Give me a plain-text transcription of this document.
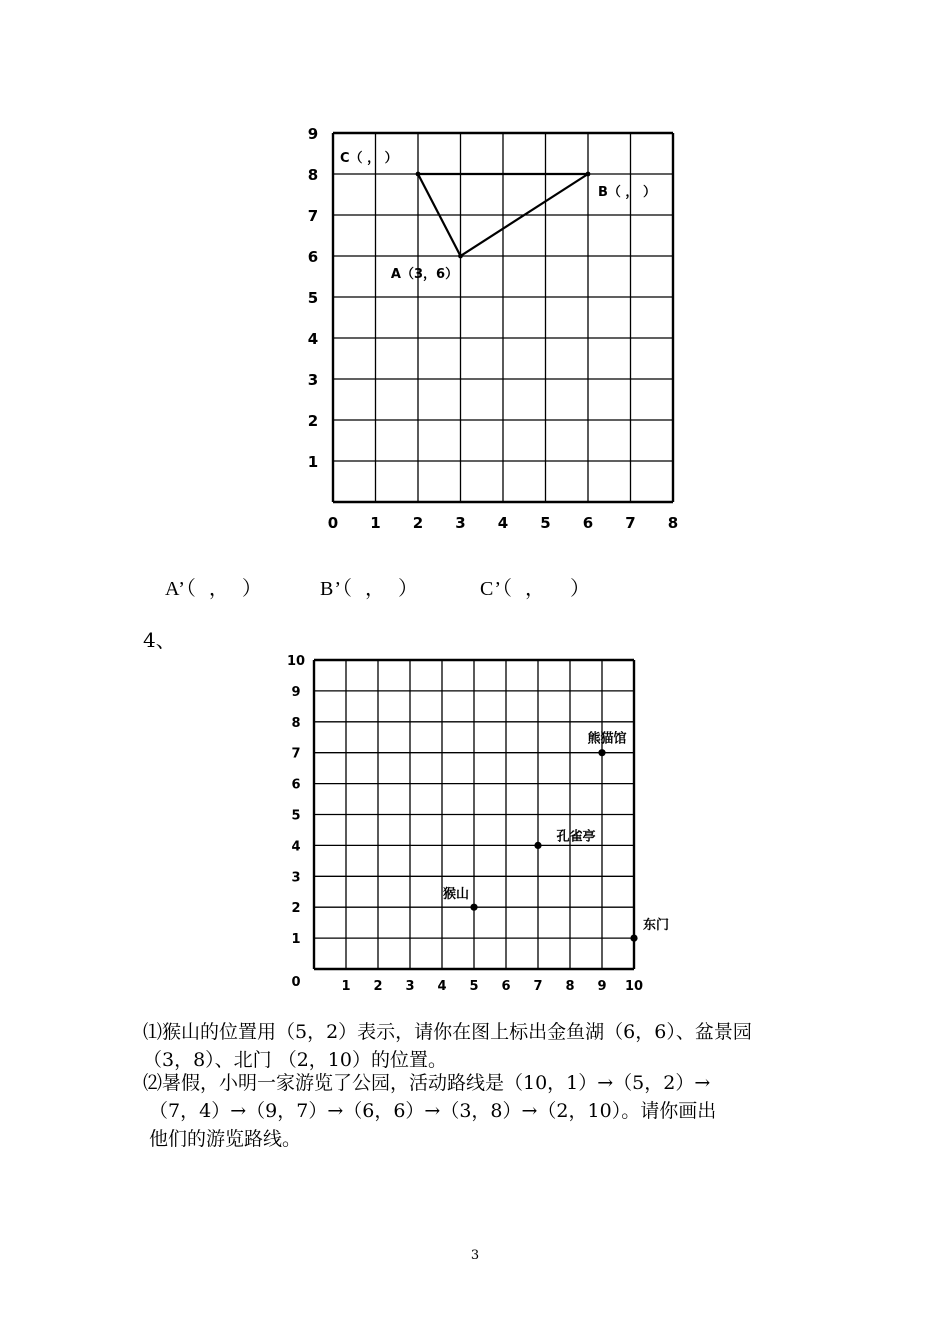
0 1 2 3 4 5 6 7 8
1
2
3
4
5
6
7
8
9
A（3，6）
B（ ， ）
C（ ， ）
A’（  ，  ）	B’（  ，  ）	C’（  ，    ）
4、
1 2 3 4 5 6 7 8 9 10
1
2
3
4
5
6
7
8
9
10
0
熊猫馆
孔雀亭
猴山
东门
⑴猴山的位置用（5，2）表示，请你在图上标出金鱼湖（6，6）、盆景园
（3，8）、北门 （2，10）的位置。
⑵暑假，小明一家游览了公园，活动路线是（10，1）→（5，2）→
（7，4）→（9，7）→（6，6）→（3，8）→（2，10）。请你画出
他们的游览路线。
3
